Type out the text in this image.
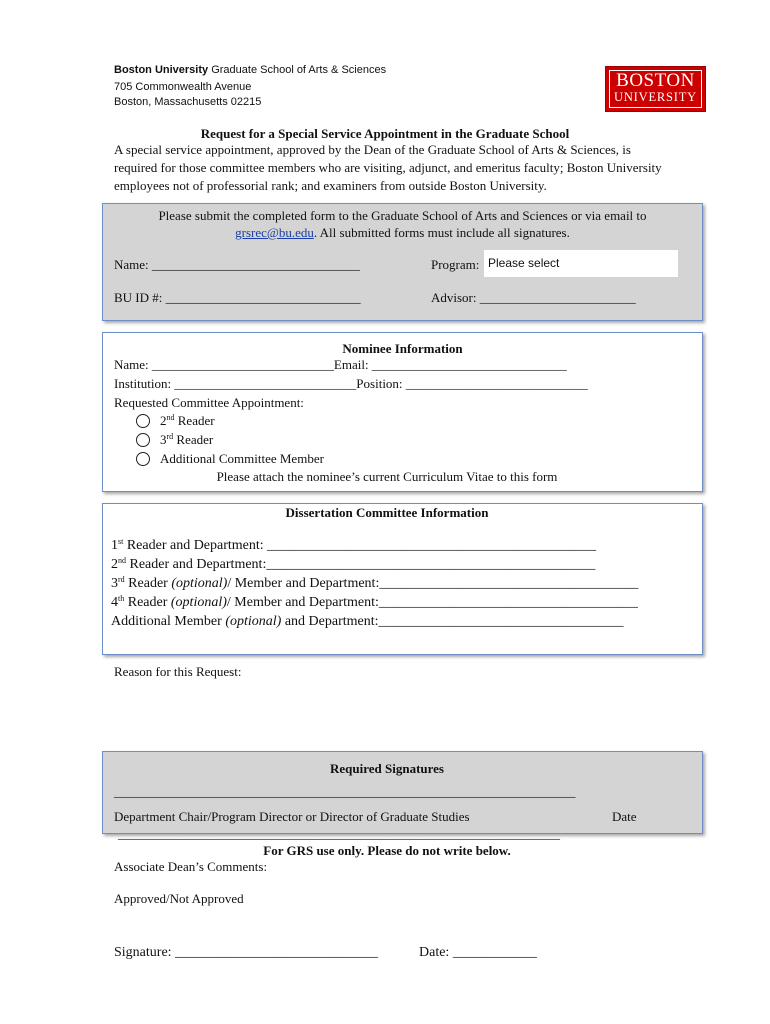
Boston University Graduate School of Arts & Sciences
705 Commonwealth Avenue
Boston, Massachusetts 02215
BOSTON
UNIVERSITY
Request for a Special Service Appointment in the Graduate School
A special service appointment, approved by the Dean of the Graduate School of Arts & Sciences, is required for those committee members who are visiting, adjunct, and emeritus faculty; Boston University employees not of professorial rank; and examiners from outside Boston University.
Please submit the completed form to the Graduate School of Arts and Sciences or via email to
grsrec@bu.edu. All submitted forms must include all signatures.
Name: ________________________________	Program: Please select
BU ID #: ______________________________	Advisor: ________________________
Nominee Information
Name: ____________________________Email: ______________________________
Institution: ____________________________Position: ____________________________
Requested Committee Appointment:
2nd Reader
3rd Reader
Additional Committee Member
Please attach the nominee’s current Curriculum Vitae to this form
Dissertation Committee Information
1st Reader and Department: _______________________________________________
2nd Reader and Department:_______________________________________________
3rd Reader (optional)/ Member and Department:_____________________________________
4th Reader (optional)/ Member and Department:_____________________________________
Additional Member (optional) and Department:___________________________________
Reason for this Request:
Required Signatures
_______________________________________________________________________
Department Chair/Program Director or Director of Graduate Studies	Date
____________________________________________________________________
For GRS use only. Please do not write below.
Associate Dean’s Comments:
Approved/Not Approved
Signature: _____________________________	Date: ____________
